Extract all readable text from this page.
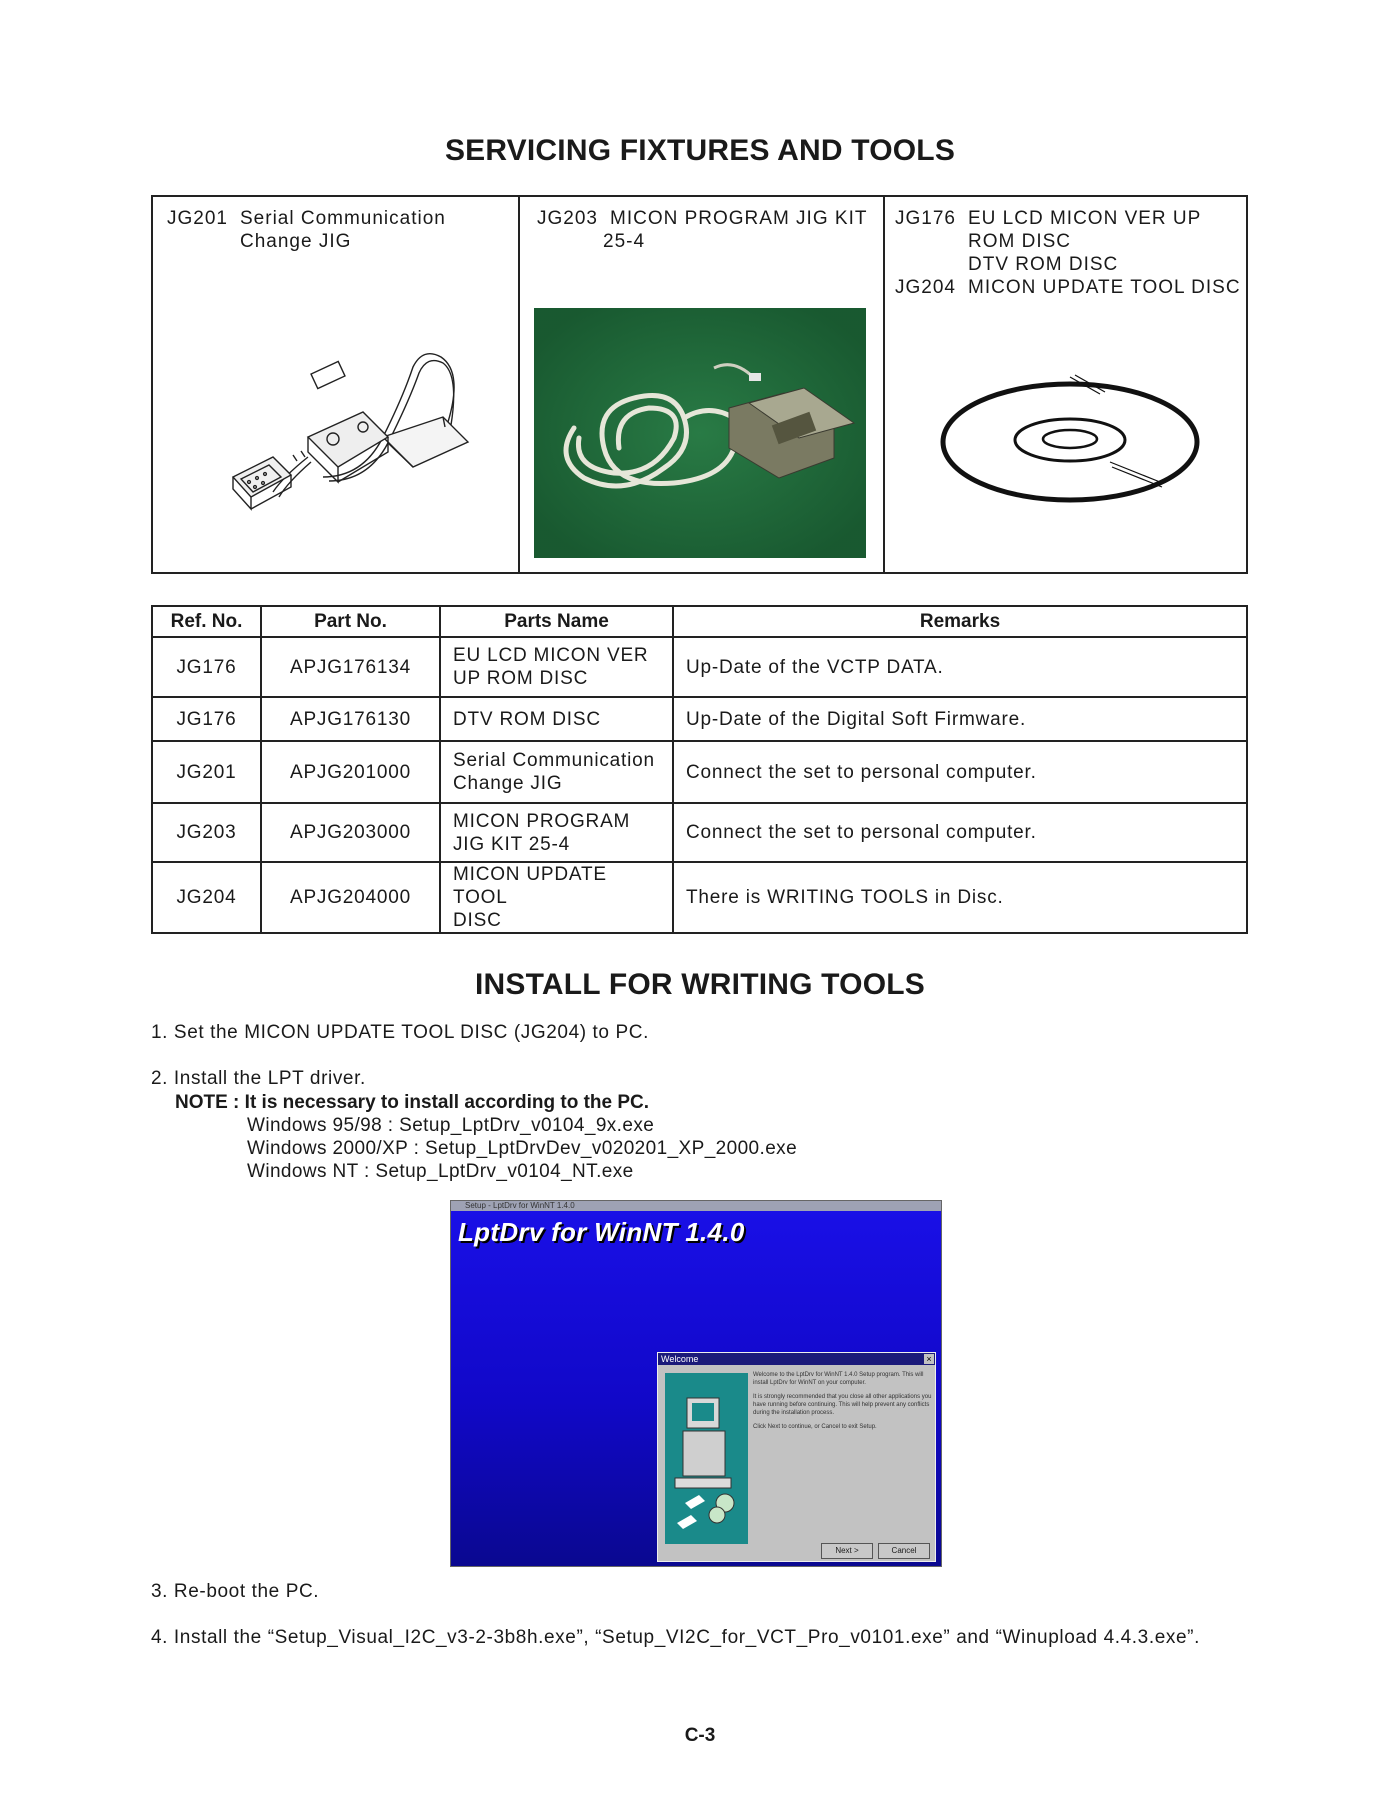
SERVICING FIXTURES AND TOOLS
JG201 Serial Communication
Change JIG
JG203 MICON PROGRAM JIG KIT
25-4
JG176 EU LCD MICON VER UP
ROM DISC
DTV ROM DISC
JG204 MICON UPDATE TOOL DISC
Ref. No.	Part No.	Parts Name	Remarks
JG176	APJG176134	EU LCD MICON VER
UP ROM DISC	Up-Date of the VCTP DATA.
JG176	APJG176130	DTV ROM DISC	Up-Date of the Digital Soft Firmware.
JG201	APJG201000	Serial Communication
Change JIG	Connect the set to personal computer.
JG203	APJG203000	MICON PROGRAM
JIG KIT 25-4	Connect the set to personal computer.
JG204	APJG204000	MICON UPDATE TOOL
DISC	There is WRITING TOOLS in Disc.
INSTALL FOR WRITING TOOLS
1. Set the MICON UPDATE TOOL DISC (JG204) to PC.
2. Install the LPT driver.
NOTE : It is necessary to install according to the PC.
Windows 95/98 : Setup_LptDrv_v0104_9x.exe
Windows 2000/XP : Setup_LptDrvDev_v020201_XP_2000.exe
Windows NT : Setup_LptDrv_v0104_NT.exe
Setup - LptDrv for WinNT 1.4.0
LptDrv for WinNT 1.4.0
Welcome	×

Welcome to the LptDrv for WinNT 1.4.0 Setup program. This will install LptDrv for WinNT on your computer.

It is strongly recommended that you close all other applications you have running before continuing. This will help prevent any conflicts during the installation process.

Click Next to continue, or Cancel to exit Setup.

Next >	Cancel
3. Re-boot the PC.
4. Install the “Setup_Visual_I2C_v3-2-3b8h.exe”, “Setup_VI2C_for_VCT_Pro_v0101.exe” and “Winupload 4.4.3.exe”.
C-3
